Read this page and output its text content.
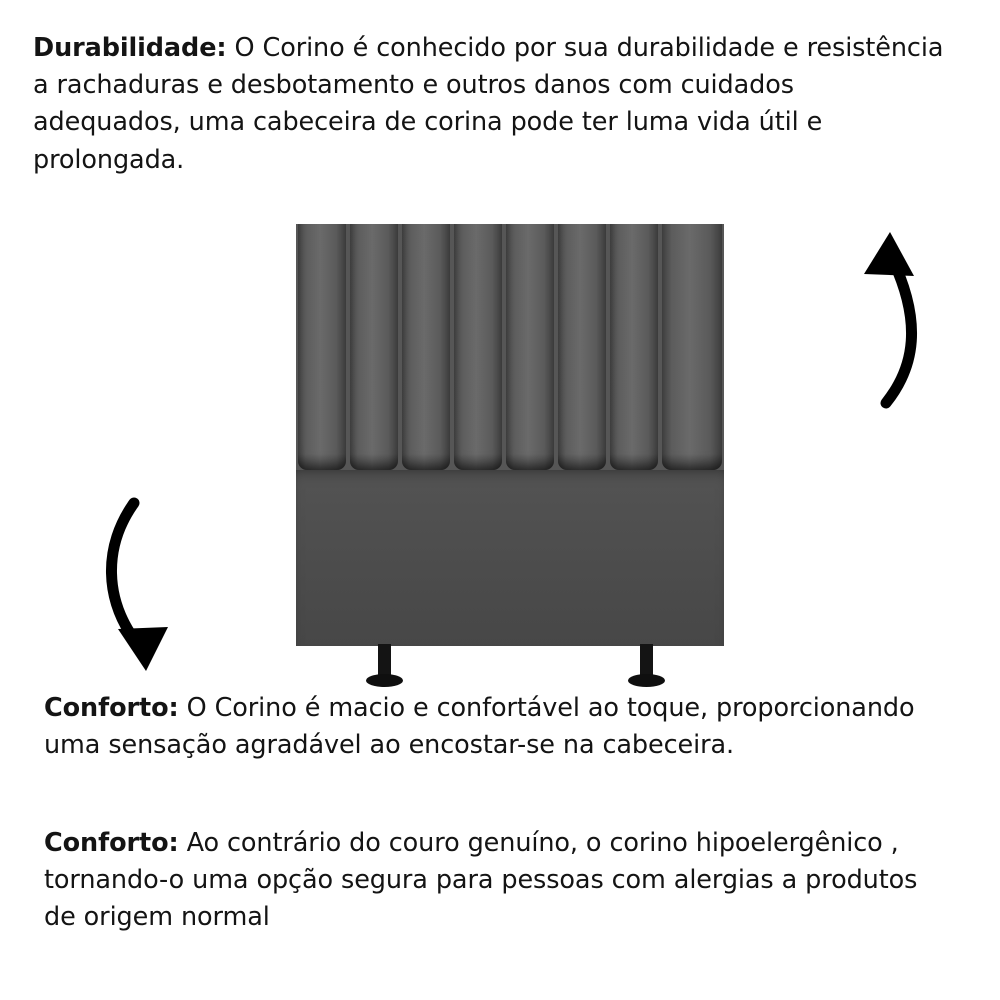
Durabilidade: O Corino é conhecido por sua durabilidade e resistência a rachaduras e desbotamento e outros danos com cuidados adequados, uma cabeceira de corina pode ter luma vida útil e prolongada.

Conforto: O Corino é macio e confortável ao toque, proporcionando uma sensação agradável ao encostar-se na cabeceira.

Conforto: Ao contrário do couro genuíno, o corino hipoelergênico , tornando-o uma opção segura para pessoas com alergias a produtos de origem normal
